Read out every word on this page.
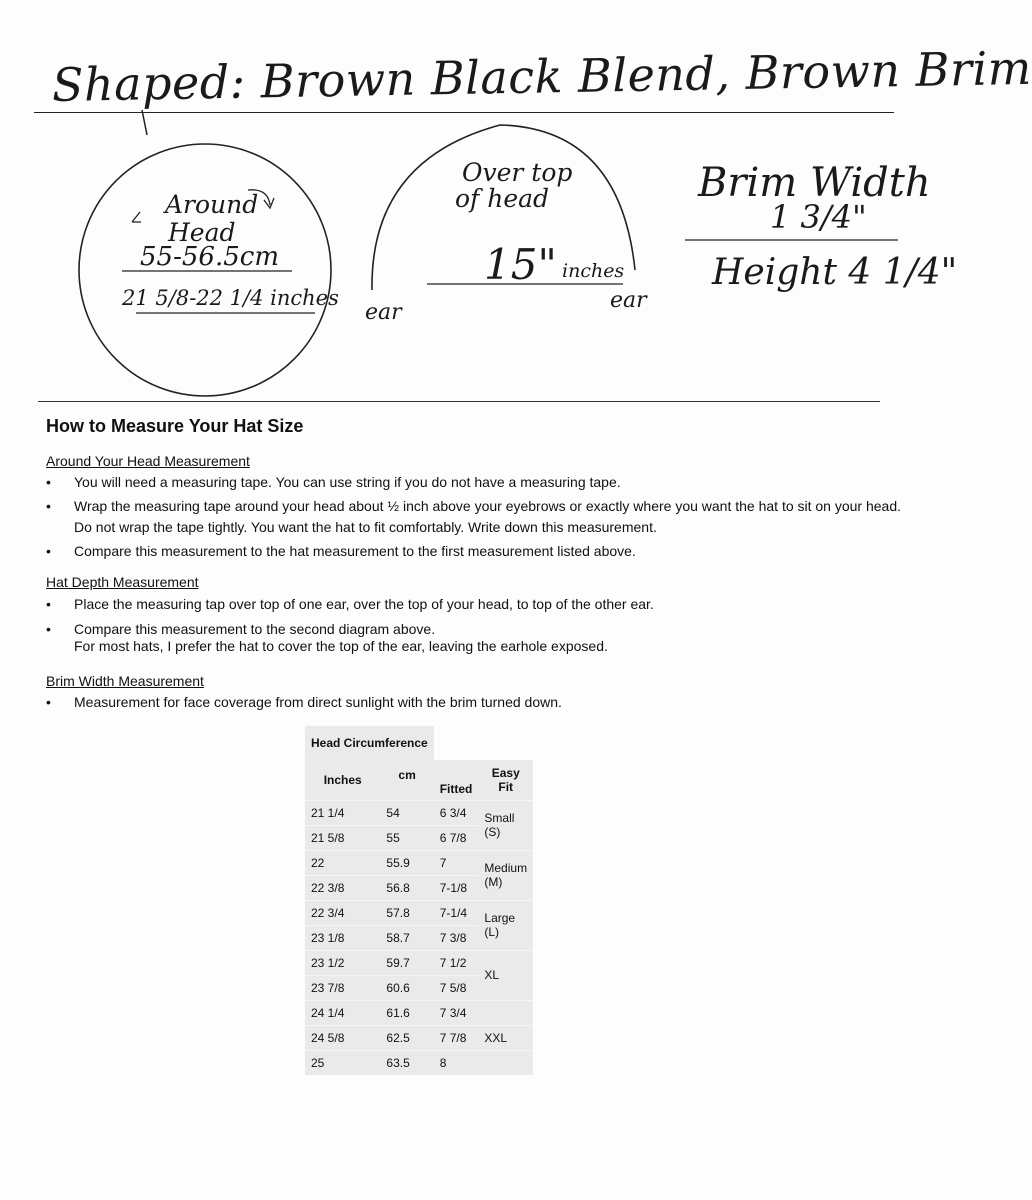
Shaped: Brown Black Blend, Brown Brim
Around
Head
55-56.5cm
21 5/8-22 1/4 inches
Over top
of head
15" inches
ear	ear
Brim Width
1 3/4"
Height 4 1/4"
How to Measure Your Hat Size
Around Your Head Measurement
• You will need a measuring tape. You can use string if you do not have a measuring tape.
• Wrap the measuring tape around your head about ½ inch above your eyebrows or exactly where you want the hat to sit on your head. Do not wrap the tape tightly. You want the hat to fit comfortably. Write down this measurement.
• Compare this measurement to the hat measurement to the first measurement listed above.
Hat Depth Measurement
• Place the measuring tap over top of one ear, over the top of your head, to top of the other ear.
• Compare this measurement to the second diagram above.
For most hats, I prefer the hat to cover the top of the ear, leaving the earhole exposed.
Brim Width Measurement
• Measurement for face coverage from direct sunlight with the brim turned down.
Head Circumference			
Inches	cm	Fitted	Easy Fit
21 1/4	54	6 3/4	Small (S)
21 5/8	55	6 7/8	
22	55.9	7	Medium (M)
22 3/8	56.8	7-1/8	
22 3/4	57.8	7-1/4	Large (L)
23 1/8	58.7	7 3/8	
23 1/2	59.7	7 1/2	XL
23 7/8	60.6	7 5/8	
24 1/4	61.6	7 3/4	
24 5/8	62.5	7 7/8	XXL
25	63.5	8	
